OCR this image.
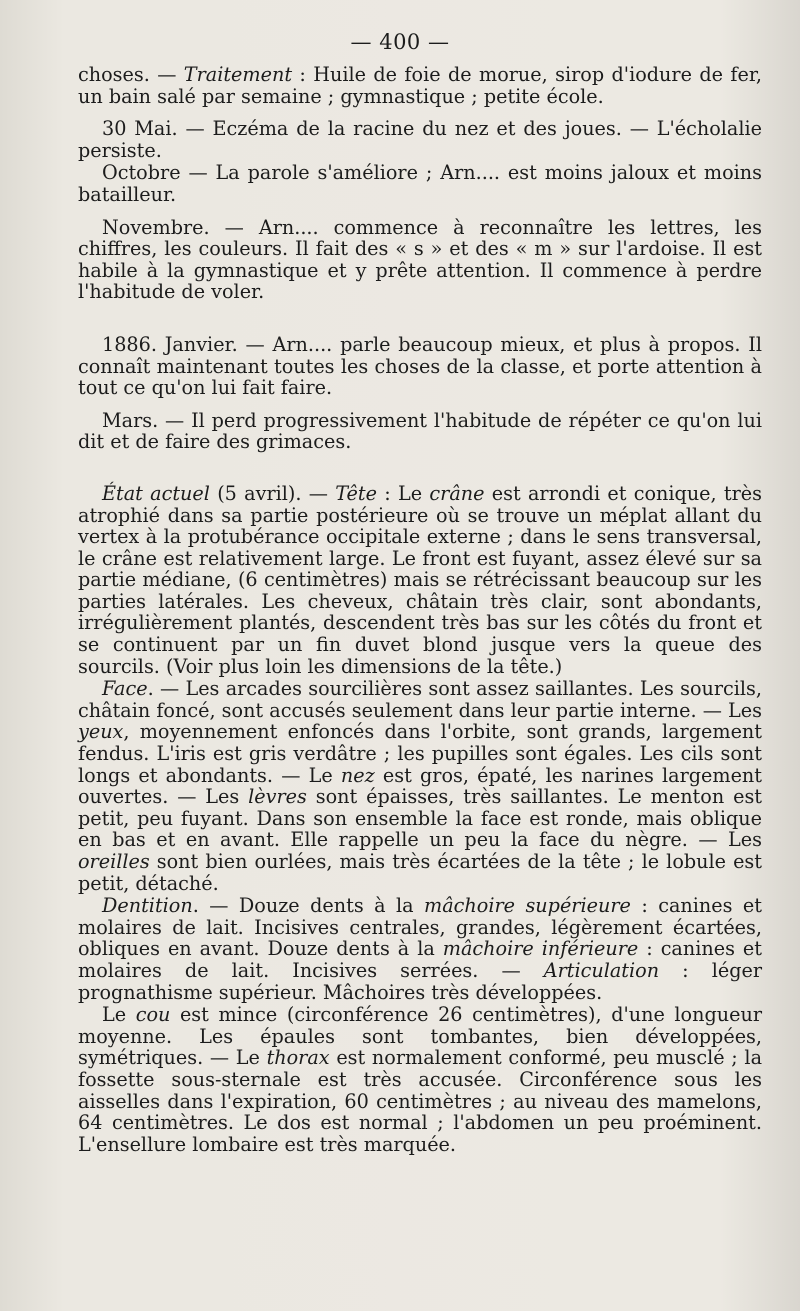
— 400 —

choses. — Traitement : Huile de foie de morue, sirop d'iodure de fer, un bain salé par semaine ; gymnastique ; petite école.

30 Mai. — Eczéma de la racine du nez et des joues. — L'écholalie persiste.

Octobre — La parole s'améliore ; Arn.... est moins jaloux et moins batailleur.

Novembre. — Arn.... commence à reconnaître les lettres, les chiffres, les couleurs. Il fait des « s » et des « m » sur l'ardoise. Il est habile à la gymnastique et y prête attention. Il commence à perdre l'habitude de voler.

1886. Janvier. — Arn.... parle beaucoup mieux, et plus à propos. Il connaît maintenant toutes les choses de la classe, et porte attention à tout ce qu'on lui fait faire.

Mars. — Il perd progressivement l'habitude de répéter ce qu'on lui dit et de faire des grimaces.

État actuel (5 avril). — Tête : Le crâne est arrondi et conique, très atrophié dans sa partie postérieure où se trouve un méplat allant du vertex à la protubérance occipitale externe ; dans le sens transversal, le crâne est relativement large. Le front est fuyant, assez élevé sur sa partie médiane, (6 centimètres) mais se rétrécissant beaucoup sur les parties latérales. Les cheveux, châtain très clair, sont abondants, irrégulièrement plantés, descendent très bas sur les côtés du front et se continuent par un fin duvet blond jusque vers la queue des sourcils. (Voir plus loin les dimensions de la tête.)

Face. — Les arcades sourcilières sont assez saillantes. Les sourcils, châtain foncé, sont accusés seulement dans leur partie interne. — Les yeux, moyennement enfoncés dans l'orbite, sont grands, largement fendus. L'iris est gris verdâtre ; les pupilles sont égales. Les cils sont longs et abondants. — Le nez est gros, épaté, les narines largement ouvertes. — Les lèvres sont épaisses, très saillantes. Le menton est petit, peu fuyant. Dans son ensemble la face est ronde, mais oblique en bas et en avant. Elle rappelle un peu la face du nègre. — Les oreilles sont bien ourlées, mais très écartées de la tête ; le lobule est petit, détaché.

Dentition. — Douze dents à la mâchoire supérieure : canines et molaires de lait. Incisives centrales, grandes, légèrement écartées, obliques en avant. Douze dents à la mâchoire inférieure : canines et molaires de lait. Incisives serrées. — Articulation : léger prognathisme supérieur. Mâchoires très développées.

Le cou est mince (circonférence 26 centimètres), d'une longueur moyenne. Les épaules sont tombantes, bien développées, symétriques. — Le thorax est normalement conformé, peu musclé ; la fossette sous-sternale est très accusée. Circonférence sous les aisselles dans l'expiration, 60 centimètres ; au niveau des mamelons, 64 centimètres. Le dos est normal ; l'abdomen un peu proéminent. L'ensellure lombaire est très marquée.
